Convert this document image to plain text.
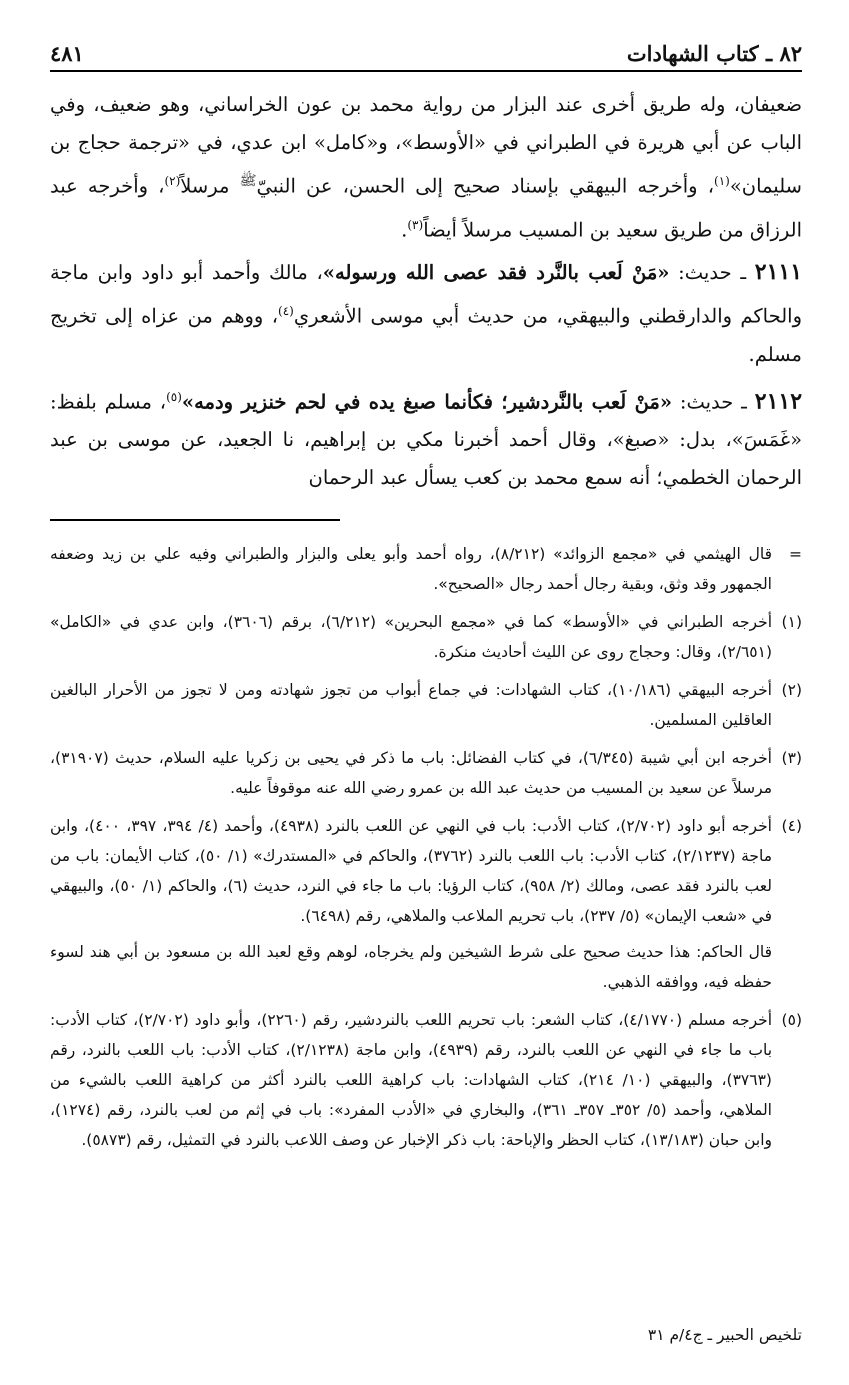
٨٢ ـ كتاب الشهادات
٤٨١

ضعيفان، وله طريق أخرى عند البزار من رواية محمد بن عون الخراساني، وهو ضعيف، وفي الباب عن أبي هريرة في الطبراني في «الأوسط»، و«كامل» ابن عدي، في «ترجمة حجاج بن سليمان»$^{(١)}$، وأخرجه البيهقي بإسناد صحيح إلى الحسن، عن النبيّ$^ﷺ$ مرسلاً$^{(٢)}$، وأخرجه عبد الرزاق من طريق سعيد بن المسيب مرسلاً أيضاً$^{(٣)}$.

٢١١١ ـ حديث: «مَنْ لَعب بالنَّرد فقد عصى الله ورسوله»، مالك وأحمد أبو داود وابن ماجة والحاكم والدارقطني والبيهقي، من حديث أبي موسى الأشعري$^{(٤)}$، ووهم من عزاه إلى تخريج مسلم.

٢١١٢ ـ حديث: «مَنْ لَعب بالنَّردشير؛ فكأنما صبغ يده في لحم خنزير ودمه»$^{(٥)}$، مسلم بلفظ: «غَمَسَ»، بدل: «صبغ»، وقال أحمد أخبرنا مكي بن إبراهيم، نا الجعيد، عن موسى بن عبد الرحمان الخطمي؛ أنه سمع محمد بن كعب يسأل عبد الرحمان

=
قال الهيثمي في «مجمع الزوائد» (٨/٢١٢)، رواه أحمد وأبو يعلى والبزار والطبراني وفيه علي بن زيد وضعفه الجمهور وقد وثق، وبقية رجال أحمد رجال «الصحيح».
(١)
أخرجه الطبراني في «الأوسط» كما في «مجمع البحرين» (٦/٢١٢)، برقم (٣٦٠٦)، وابن عدي في «الكامل» (٢/٦٥١)، وقال: وحجاج روى عن الليث أحاديث منكرة.
(٢)
أخرجه البيهقي (١٠/١٨٦)، كتاب الشهادات: في جماع أبواب من تجوز شهادته ومن لا تجوز من الأحرار البالغين العاقلين المسلمين.
(٣)
أخرجه ابن أبي شيبة (٦/٣٤٥)، في كتاب الفضائل: باب ما ذكر في يحيى بن زكريا عليه السلام، حديث (٣١٩٠٧)، مرسلاً عن سعيد بن المسيب من حديث عبد الله بن عمرو رضي الله عنه موقوفاً عليه.
(٤)
أخرجه أبو داود (٢/٧٠٢)، كتاب الأدب: باب في النهي عن اللعب بالنرد (٤٩٣٨)، وأحمد (٤/ ٣٩٤، ٣٩٧، ٤٠٠)، وابن ماجة (٢/١٢٣٧)، كتاب الأدب: باب اللعب بالنرد (٣٧٦٢)، والحاكم في «المستدرك» (١/ ٥٠)، كتاب الأيمان: باب من لعب بالنرد فقد عصى، ومالك (٢/ ٩٥٨)، كتاب الرؤيا: باب ما جاء في النرد، حديث (٦)، والحاكم (١/ ٥٠)، والبيهقي في «شعب الإيمان» (٥/ ٢٣٧)، باب تحريم الملاعب والملاهي، رقم (٦٤٩٨).
قال الحاكم: هذا حديث صحيح على شرط الشيخين ولم يخرجاه، لوهم وقع لعبد الله بن مسعود بن أبي هند لسوء حفظه فيه، ووافقه الذهبي.
(٥)
أخرجه مسلم (٤/١٧٧٠)، كتاب الشعر: باب تحريم اللعب بالنردشير، رقم (٢٢٦٠)، وأبو داود (٢/٧٠٢)، كتاب الأدب: باب ما جاء في النهي عن اللعب بالنرد، رقم (٤٩٣٩)، وابن ماجة (٢/١٢٣٨)، كتاب الأدب: باب اللعب بالنرد، رقم (٣٧٦٣)، والبيهقي (١٠/ ٢١٤)، كتاب الشهادات: باب كراهية اللعب بالنرد أكثر من كراهية اللعب بالشيء من الملاهي، وأحمد (٥/ ٣٥٢ـ ٣٥٧ـ ٣٦١)، والبخاري في «الأدب المفرد»: باب في إثم من لعب بالنرد، رقم (١٢٧٤)، وابن حبان (١٣/١٨٣)، كتاب الحظر والإباحة: باب ذكر الإخبار عن وصف اللاعب بالنرد في التمثيل، رقم (٥٨٧٣).
تلخيص الحبير ـ ج٤/م ٣١
